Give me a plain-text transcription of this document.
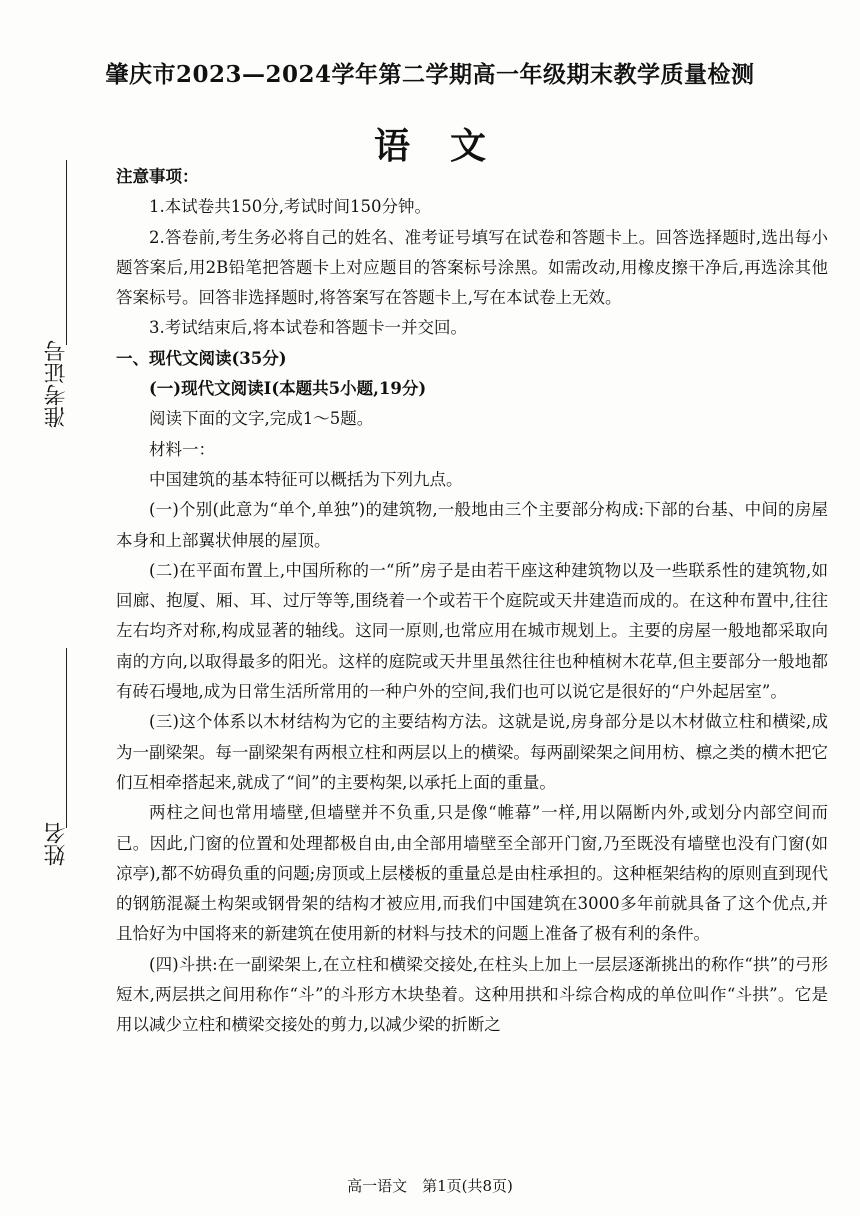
肇庆市2023—2024学年第二学期高一年级期末教学质量检测
语文
准考证号
姓名

注意事项：

1.本试卷共150分,考试时间150分钟。

2.答卷前,考生务必将自己的姓名、准考证号填写在试卷和答题卡上。回答选择题时,选出每小题答案后,用2B铅笔把答题卡上对应题目的答案标号涂黑。如需改动,用橡皮擦干净后,再选涂其他答案标号。回答非选择题时,将答案写在答题卡上,写在本试卷上无效。

3.考试结束后,将本试卷和答题卡一并交回。

一、现代文阅读(35分)

(一)现代文阅读Ⅰ(本题共5小题,19分)

阅读下面的文字,完成1～5题。

材料一：

中国建筑的基本特征可以概括为下列九点。

(一)个别(此意为“单个,单独”)的建筑物,一般地由三个主要部分构成:下部的台基、中间的房屋本身和上部翼状伸展的屋顶。

(二)在平面布置上,中国所称的一“所”房子是由若干座这种建筑物以及一些联系性的建筑物,如回廊、抱厦、厢、耳、过厅等等,围绕着一个或若干个庭院或天井建造而成的。在这种布置中,往往左右均齐对称,构成显著的轴线。这同一原则,也常应用在城市规划上。主要的房屋一般地都采取向南的方向,以取得最多的阳光。这样的庭院或天井里虽然往往也种植树木花草,但主要部分一般地都有砖石墁地,成为日常生活所常用的一种户外的空间,我们也可以说它是很好的“户外起居室”。

(三)这个体系以木材结构为它的主要结构方法。这就是说,房身部分是以木材做立柱和横梁,成为一副梁架。每一副梁架有两根立柱和两层以上的横梁。每两副梁架之间用枋、檩之类的横木把它们互相牵搭起来,就成了“间”的主要构架,以承托上面的重量。

两柱之间也常用墙壁,但墙壁并不负重,只是像“帷幕”一样,用以隔断内外,或划分内部空间而已。因此,门窗的位置和处理都极自由,由全部用墙壁至全部开门窗,乃至既没有墙壁也没有门窗(如凉亭),都不妨碍负重的问题;房顶或上层楼板的重量总是由柱承担的。这种框架结构的原则直到现代的钢筋混凝土构架或钢骨架的结构才被应用,而我们中国建筑在3000多年前就具备了这个优点,并且恰好为中国将来的新建筑在使用新的材料与技术的问题上准备了极有利的条件。

(四)斗拱:在一副梁架上,在立柱和横梁交接处,在柱头上加上一层层逐渐挑出的称作“拱”的弓形短木,两层拱之间用称作“斗”的斗形方木块垫着。这种用拱和斗综合构成的单位叫作“斗拱”。它是用以减少立柱和横梁交接处的剪力,以减少梁的折断之

高一语文　第1页(共8页)
